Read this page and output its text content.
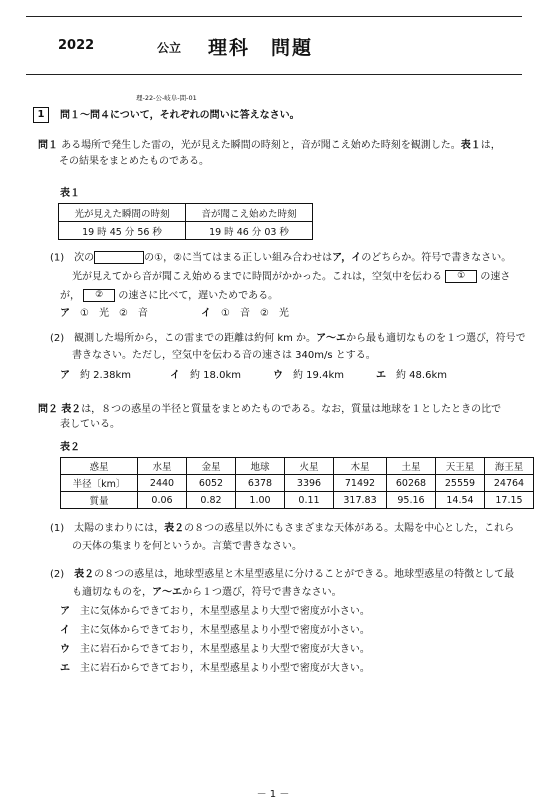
2022	公立 理科　問題
理-22-公-岐阜-問-01
1	問１～問４について，それぞれの問いに答えなさい。
問１ ある場所で発生した雷の，光が見えた瞬間の時刻と，音が聞こえ始めた時刻を観測した。表１は，
その結果をまとめたものである。
表１
光が見えた瞬間の時刻	音が聞こえ始めた時刻
19 時 45 分 56 秒	19 時 46 分 03 秒
(1)　 次の	の①，②に当てはまる正しい組み合わせはア，イのどちらか。符号で書きなさい。
光が見えてから音が聞こえ始めるまでに時間がかかった。これは，空気中を伝わる ① の速さ
が， ② の速さに比べて，遅いためである。
ア　 ①　光　②　音	イ　 ①　音　②　光
(2)　 観測した場所から，この雷までの距離は約何 km か。ア～エから最も適切なものを１つ選び，符号で
書きなさい。ただし，空気中を伝わる音の速さは 340m/s とする。
ア　 約 2.38km	イ　 約 18.0km	ウ　 約 19.4km	エ　 約 48.6km
問２ 表２は，８つの惑星の半径と質量をまとめたものである。なお，質量は地球を１としたときの比で
表している。
表２
惑星	水星	金星	地球	火星	木星	土星	天王星	海王星
半径〔km〕	2440	6052	6378	3396	71492	60268	25559	24764
質量	0.06	0.82	1.00	0.11	317.83	95.16	14.54	17.15
(1)　 太陽のまわりには，表２の８つの惑星以外にもさまざまな天体がある。太陽を中心とした，これら
の天体の集まりを何というか。言葉で書きなさい。
(2)　 表２の８つの惑星は，地球型惑星と木星型惑星に分けることができる。地球型惑星の特徴として最
も適切なものを，ア～エから１つ選び，符号で書きなさい。
ア　 主に気体からできており，木星型惑星より大型で密度が小さい。
イ　 主に気体からできており，木星型惑星より小型で密度が小さい。
ウ　 主に岩石からできており，木星型惑星より大型で密度が大きい。
エ　 主に岩石からできており，木星型惑星より小型で密度が大きい。
－ 1 －
